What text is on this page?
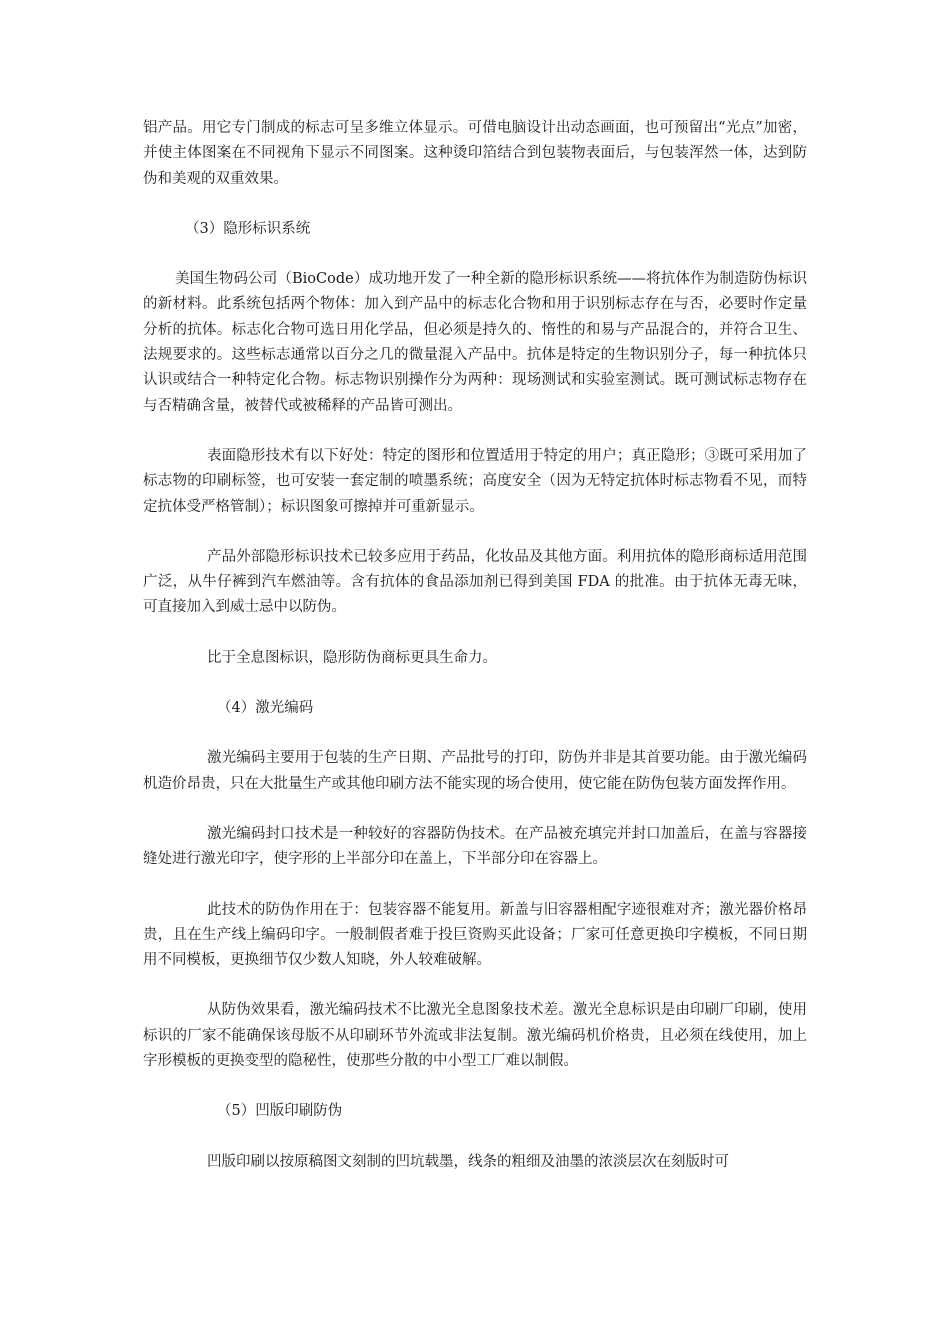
铝产品。用它专门制成的标志可呈多维立体显示。可借电脑设计出动态画面，也可预留出“光点”加密，并使主体图案在不同视角下显示不同图案。这种烫印箔结合到包装物表面后，与包装浑然一体，达到防伪和美观的双重效果。

（3）隐形标识系统

美国生物码公司（BioCode）成功地开发了一种全新的隐形标识系统——将抗体作为制造防伪标识的新材料。此系统包括两个物体：加入到产品中的标志化合物和用于识别标志存在与否，必要时作定量分析的抗体。标志化合物可选日用化学品，但必须是持久的、惰性的和易与产品混合的，并符合卫生、法规要求的。这些标志通常以百分之几的微量混入产品中。抗体是特定的生物识别分子，每一种抗体只认识或结合一种特定化合物。标志物识别操作分为两种：现场测试和实验室测试。既可测试标志物存在与否精确含量，被替代或被稀释的产品皆可测出。

表面隐形技术有以下好处：特定的图形和位置适用于特定的用户；真正隐形；③既可采用加了标志物的印刷标签，也可安装一套定制的喷墨系统；高度安全（因为无特定抗体时标志物看不见，而特定抗体受严格管制）；标识图象可擦掉并可重新显示。

产品外部隐形标识技术已较多应用于药品，化妆品及其他方面。利用抗体的隐形商标适用范围广泛，从牛仔裤到汽车燃油等。含有抗体的食品添加剂已得到美国 FDA 的批准。由于抗体无毒无味，可直接加入到威士忌中以防伪。

比于全息图标识，隐形防伪商标更具生命力。

（4）激光编码

激光编码主要用于包装的生产日期、产品批号的打印，防伪并非是其首要功能。由于激光编码机造价昂贵，只在大批量生产或其他印刷方法不能实现的场合使用，使它能在防伪包装方面发挥作用。

激光编码封口技术是一种较好的容器防伪技术。在产品被充填完并封口加盖后，在盖与容器接缝处进行激光印字，使字形的上半部分印在盖上，下半部分印在容器上。

此技术的防伪作用在于：包装容器不能复用。新盖与旧容器相配字迹很难对齐；激光器价格昂贵，且在生产线上编码印字。一般制假者难于投巨资购买此设备；厂家可任意更换印字模板，不同日期用不同模板，更换细节仅少数人知晓，外人较难破解。

从防伪效果看，激光编码技术不比激光全息图象技术差。激光全息标识是由印刷厂印刷，使用标识的厂家不能确保该母版不从印刷环节外流或非法复制。激光编码机价格贵，且必须在线使用，加上字形模板的更换变型的隐秘性，使那些分散的中小型工厂难以制假。

（5）凹版印刷防伪

凹版印刷以按原稿图文刻制的凹坑载墨，线条的粗细及油墨的浓淡层次在刻版时可
